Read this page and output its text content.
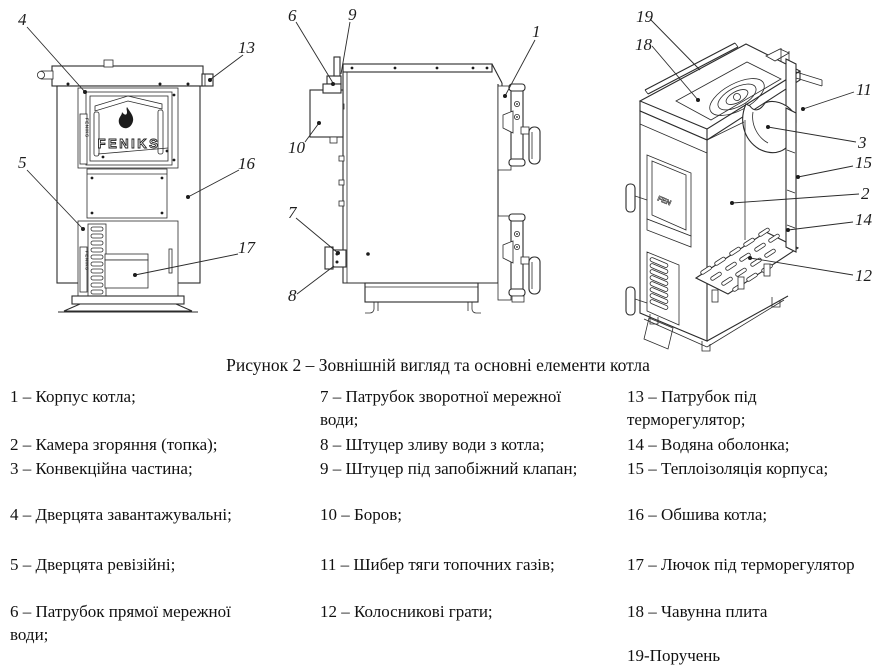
FENIKS
FENIKS
FENIKS
4
13
5	16
17
6	9
1
10
7
8
FEN
19
18
11
3
15
2
14
12
Рисунок 2 – Зовнішній вигляд та основні елементи котла
1 – Корпус котла;
2 – Камера згоряння (топка);
3 – Конвекційна частина;
4 – Дверцята завантажувальні;
5 – Дверцята ревізійні;
6 – Патрубок прямої мережної води;
7 – Патрубок зворотної мережної води;
8 – Штуцер зливу води з котла;
9 – Штуцер під запобіжний клапан;
10 – Боров;
11 – Шибер тяги топочних газів;
12 – Колосникові грати;
13 – Патрубок під терморегулятор;
14 – Водяна оболонка;
15 – Теплоізоляція корпуса;
16 – Обшива котла;
17 – Лючок під терморегулятор
18 – Чавунна плита
19-Поручень
